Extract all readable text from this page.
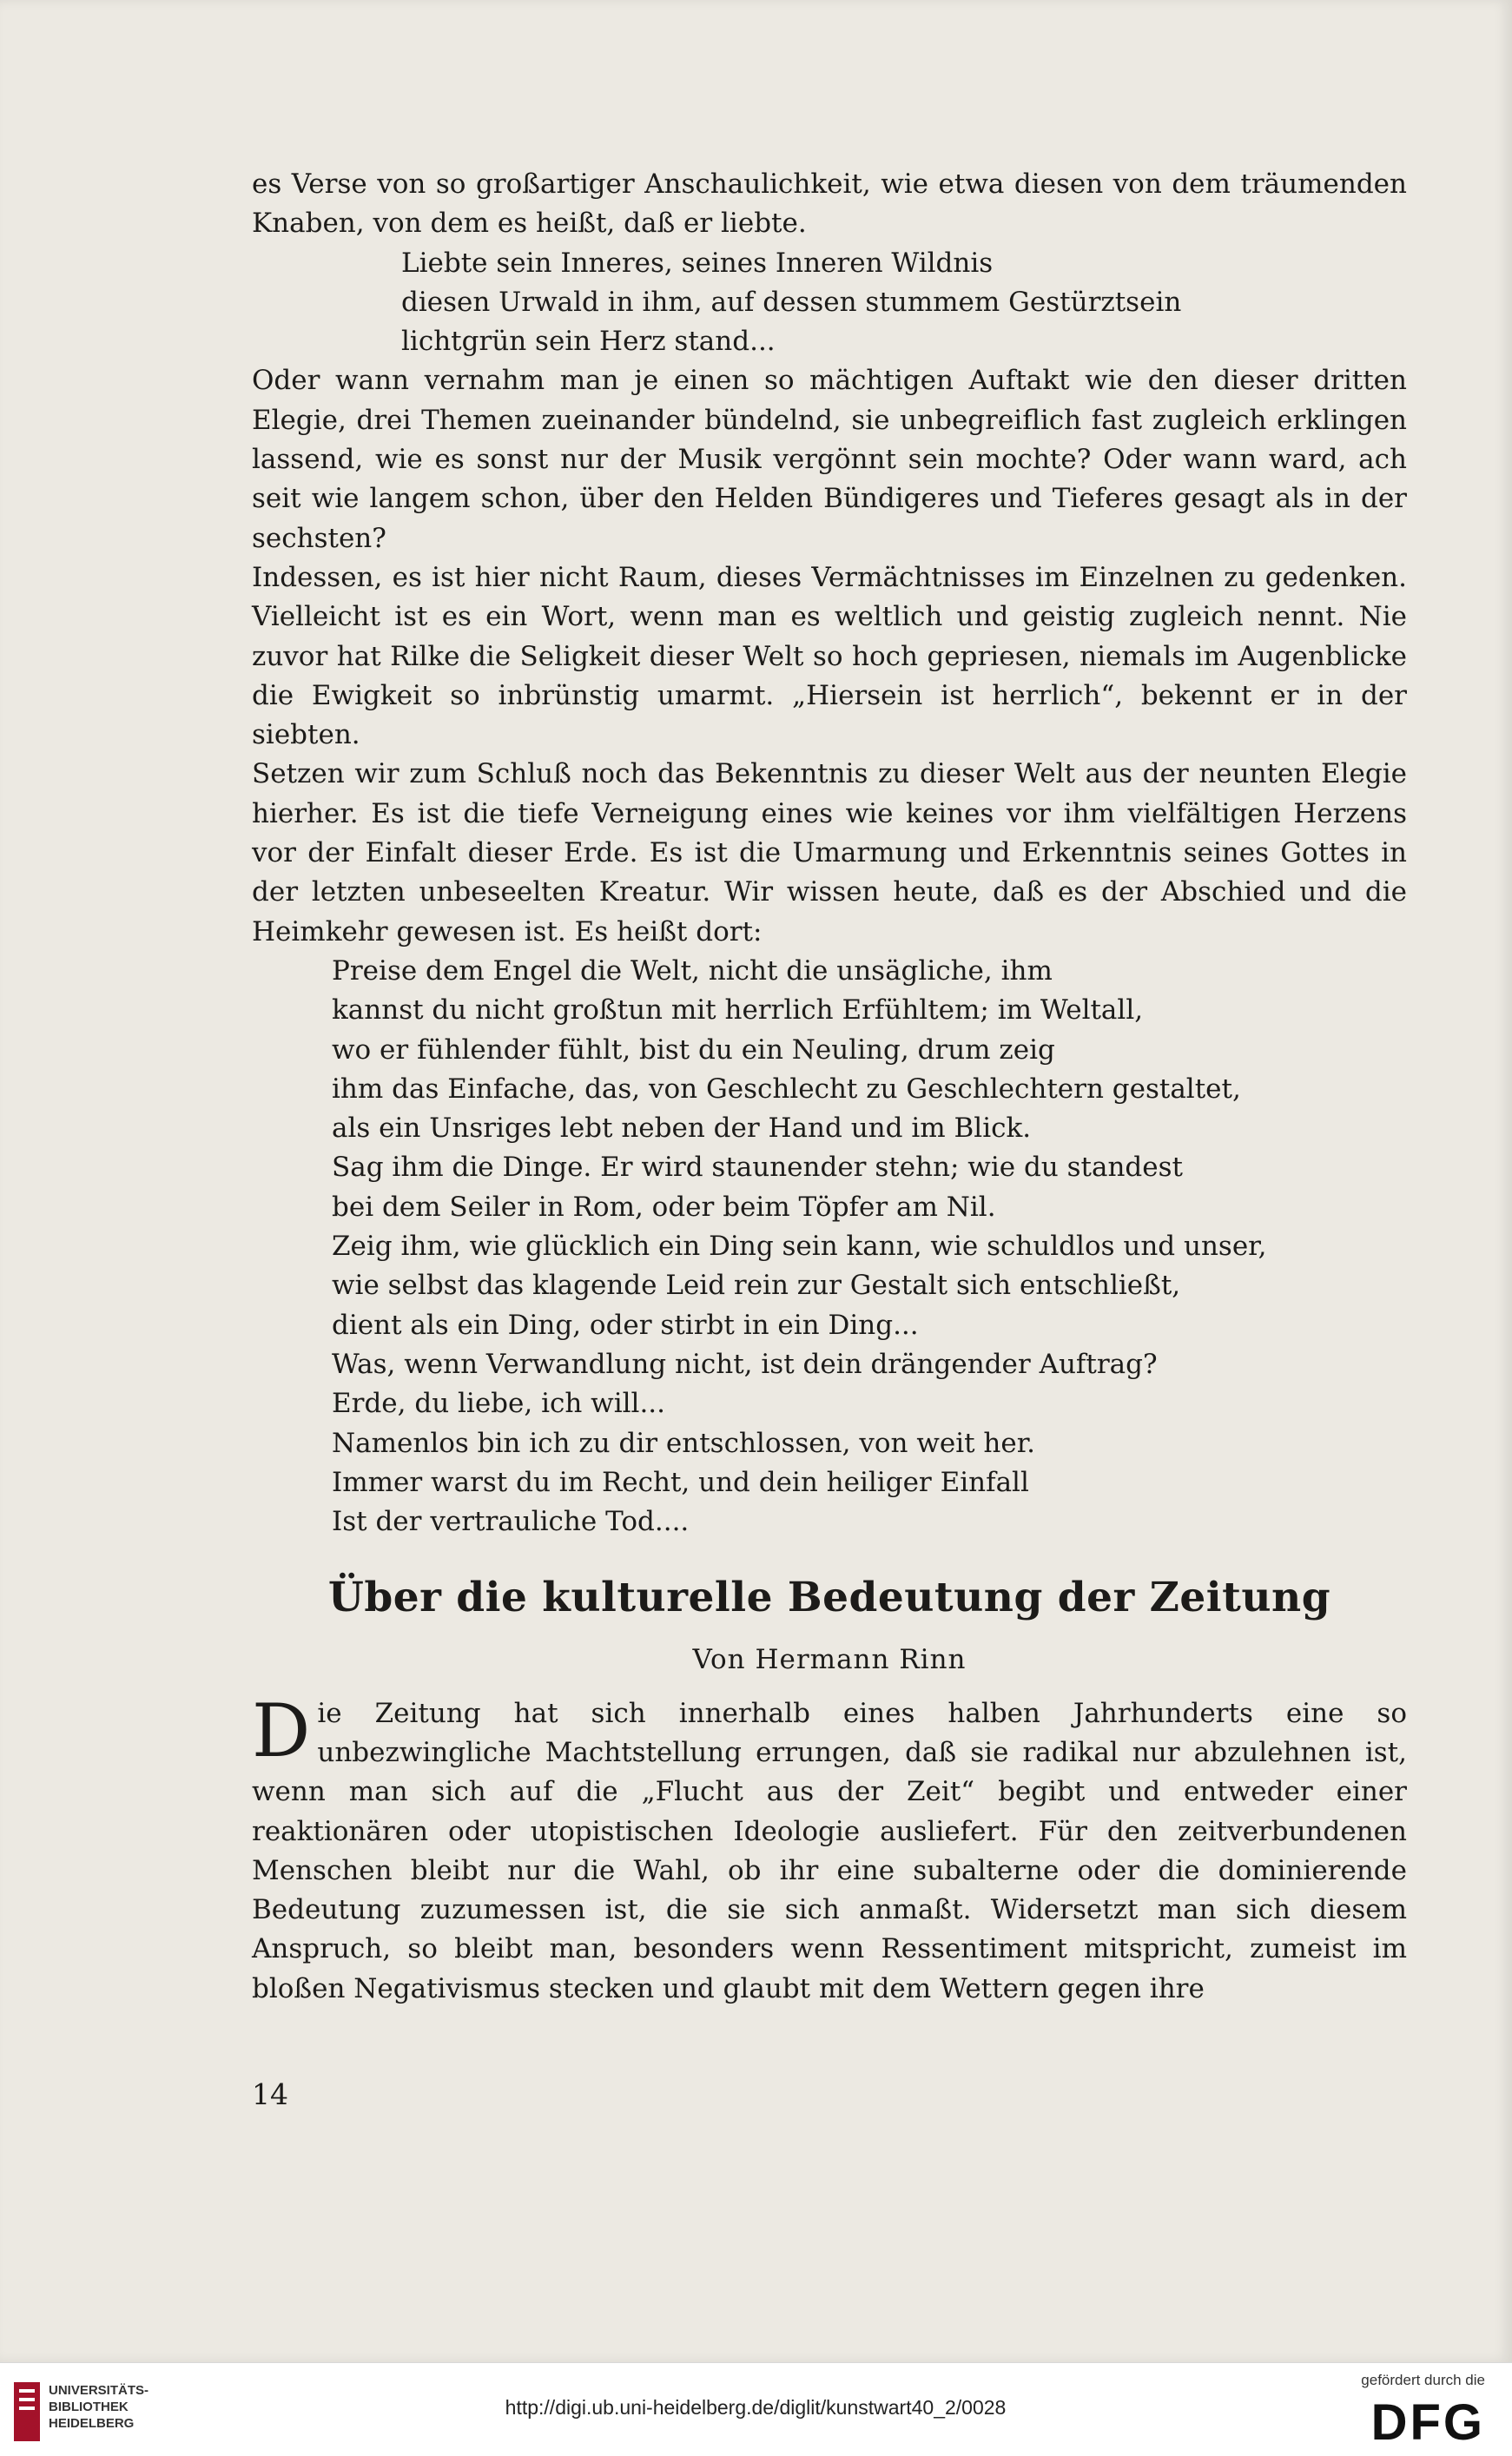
es Verse von so großartiger Anschaulichkeit, wie etwa diesen von dem träumenden Knaben, von dem es heißt, daß er liebte.

Liebte sein Inneres, seines Inneren Wildnis
diesen Urwald in ihm, auf dessen stummem Gestürztsein
lichtgrün sein Herz stand...

Oder wann vernahm man je einen so mächtigen Auftakt wie den dieser dritten Elegie, drei Themen zueinander bündelnd, sie unbegreiflich fast zugleich erklingen lassend, wie es sonst nur der Musik vergönnt sein mochte? Oder wann ward, ach seit wie langem schon, über den Helden Bündigeres und Tieferes gesagt als in der sechsten?

Indessen, es ist hier nicht Raum, dieses Vermächtnisses im Einzelnen zu gedenken. Vielleicht ist es ein Wort, wenn man es weltlich und geistig zugleich nennt. Nie zuvor hat Rilke die Seligkeit dieser Welt so hoch gepriesen, niemals im Augenblicke die Ewigkeit so inbrünstig umarmt. „Hiersein ist herrlich“, bekennt er in der siebten.

Setzen wir zum Schluß noch das Bekenntnis zu dieser Welt aus der neunten Elegie hierher. Es ist die tiefe Verneigung eines wie keines vor ihm vielfältigen Herzens vor der Einfalt dieser Erde. Es ist die Umarmung und Erkenntnis seines Gottes in der letzten unbeseelten Kreatur. Wir wissen heute, daß es der Abschied und die Heimkehr gewesen ist. Es heißt dort:

Preise dem Engel die Welt, nicht die unsägliche, ihm
kannst du nicht großtun mit herrlich Erfühltem; im Weltall,
wo er fühlender fühlt, bist du ein Neuling, drum zeig
ihm das Einfache, das, von Geschlecht zu Geschlechtern gestaltet,
als ein Unsriges lebt neben der Hand und im Blick.
Sag ihm die Dinge. Er wird staunender stehn; wie du standest
bei dem Seiler in Rom, oder beim Töpfer am Nil.
Zeig ihm, wie glücklich ein Ding sein kann, wie schuldlos und unser,
wie selbst das klagende Leid rein zur Gestalt sich entschließt,
dient als ein Ding, oder stirbt in ein Ding...
Was, wenn Verwandlung nicht, ist dein drängender Auftrag?
Erde, du liebe, ich will...
Namenlos bin ich zu dir entschlossen, von weit her.
Immer warst du im Recht, und dein heiliger Einfall
Ist der vertrauliche Tod....
Über die kulturelle Bedeutung der Zeitung
Von Hermann Rinn

Die Zeitung hat sich innerhalb eines halben Jahrhunderts eine so unbezwingliche Machtstellung errungen, daß sie radikal nur abzulehnen ist, wenn man sich auf die „Flucht aus der Zeit“ begibt und entweder einer reaktionären oder utopistischen Ideologie ausliefert. Für den zeitverbundenen Menschen bleibt nur die Wahl, ob ihr eine subalterne oder die dominierende Bedeutung zuzumessen ist, die sie sich anmaßt. Widersetzt man sich diesem Anspruch, so bleibt man, besonders wenn Ressentiment mitspricht, zumeist im bloßen Negativismus stecken und glaubt mit dem Wettern gegen ihre

14
UNIVERSITÄTS-
BIBLIOTHEK
HEIDELBERG
http://digi.ub.uni-heidelberg.de/diglit/kunstwart40_2/0028
gefördert durch die
DFG
